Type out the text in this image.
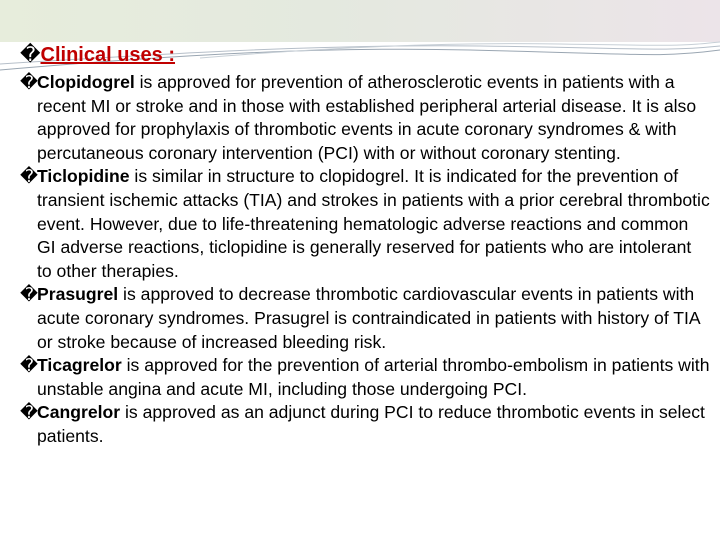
�Clinical uses :

�
Clopidogrel is approved for prevention of atherosclerotic events in patients with a recent MI or stroke and in those with established peripheral arterial disease. It is also approved for prophylaxis of thrombotic events in acute coronary syndromes & with percutaneous coronary intervention (PCI) with or without coronary stenting.

�
Ticlopidine is similar in structure to clopidogrel. It is indicated for the prevention of transient ischemic attacks (TIA) and strokes in patients with a prior cerebral thrombotic event. However, due to life-threatening hematologic adverse reactions and common GI adverse reactions, ticlopidine is generally reserved for patients who are intolerant to other therapies.

�
Prasugrel is approved to decrease thrombotic cardiovascular events in patients with acute coronary syndromes. Prasugrel is contraindicated in patients with history of TIA or stroke because of increased bleeding risk.

�
Ticagrelor is approved for the prevention of arterial thrombo-embolism in patients with unstable angina and acute MI, including those undergoing PCI.

�
Cangrelor is approved as an adjunct during PCI to reduce thrombotic events in select patients.
